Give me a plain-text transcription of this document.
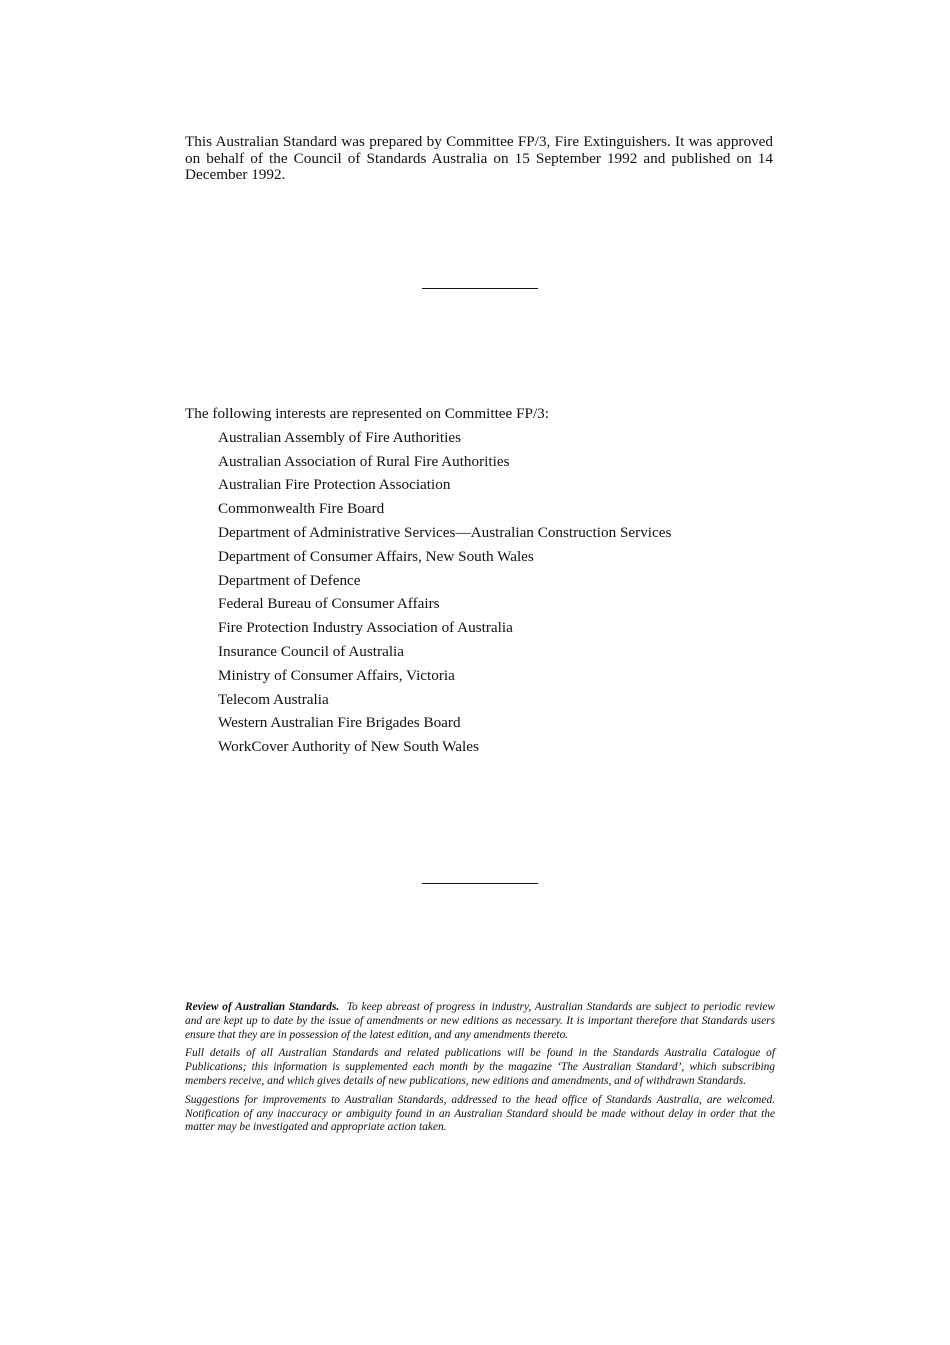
This Australian Standard was prepared by Committee FP/3, Fire Extinguishers. It was approved on behalf of the Council of Standards Australia on 15 September 1992 and published on 14 December 1992.

The following interests are represented on Committee FP/3:

Australian Assembly of Fire Authorities
Australian Association of Rural Fire Authorities
Australian Fire Protection Association
Commonwealth Fire Board
Department of Administrative Services—Australian Construction Services
Department of Consumer Affairs, New South Wales
Department of Defence
Federal Bureau of Consumer Affairs
Fire Protection Industry Association of Australia
Insurance Council of Australia
Ministry of Consumer Affairs, Victoria
Telecom Australia
Western Australian Fire Brigades Board
WorkCover Authority of New South Wales

Review of Australian Standards. To keep abreast of progress in industry, Australian Standards are subject to periodic review and are kept up to date by the issue of amendments or new editions as necessary. It is important therefore that Standards users ensure that they are in possession of the latest edition, and any amendments thereto.

Full details of all Australian Standards and related publications will be found in the Standards Australia Catalogue of Publications; this information is supplemented each month by the magazine ‘The Australian Standard’, which subscribing members receive, and which gives details of new publications, new editions and amendments, and of withdrawn Standards.

Suggestions for improvements to Australian Standards, addressed to the head office of Standards Australia, are welcomed. Notification of any inaccuracy or ambiguity found in an Australian Standard should be made without delay in order that the matter may be investigated and appropriate action taken.
